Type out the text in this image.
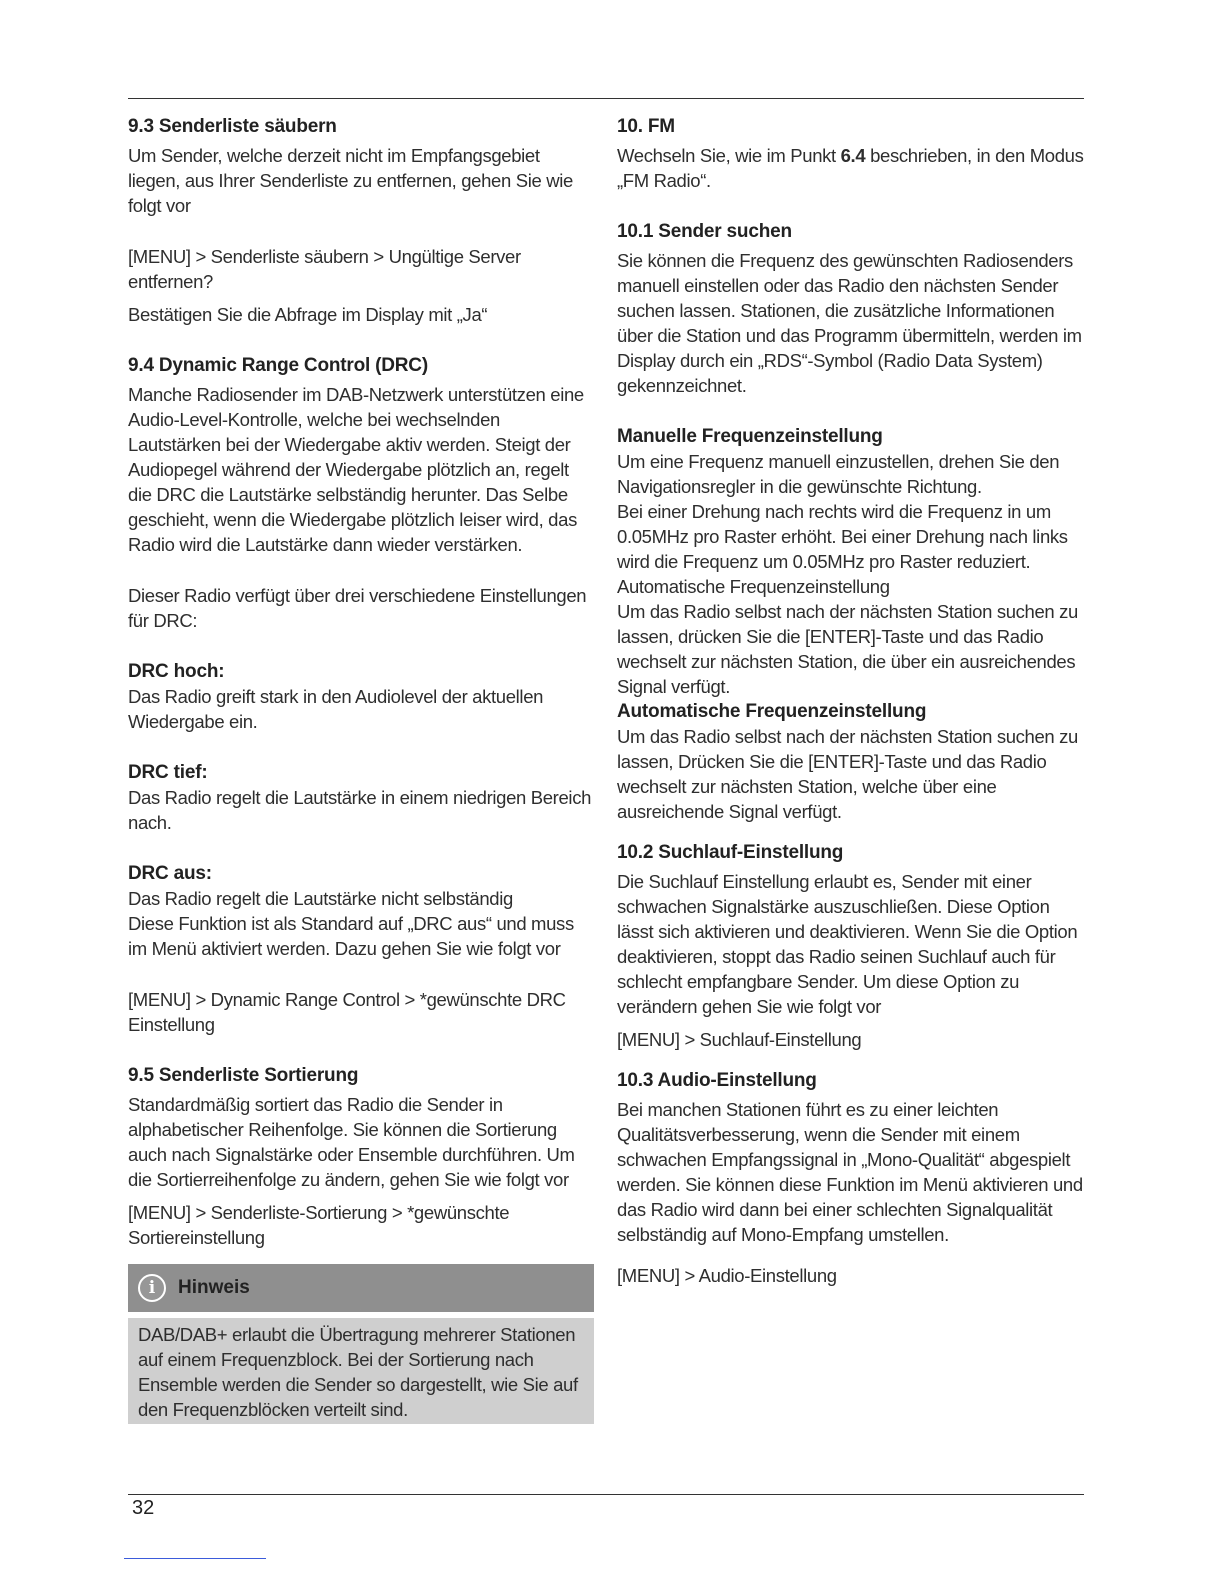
9.3 Senderliste säubern

Um Sender, welche derzeit nicht im Empfangsgebiet liegen, aus Ihrer Senderliste zu entfernen, gehen Sie wie folgt vor

[MENU] > Senderliste säubern > Ungültige Server entfernen?

Bestätigen Sie die Abfrage im Display mit „Ja“

9.4 Dynamic Range Control (DRC)

Manche Radiosender im DAB-Netzwerk unterstützen eine Audio-Level-Kontrolle, welche bei wechselnden Lautstärken bei der Wiedergabe aktiv werden. Steigt der Audiopegel während der Wiedergabe plötzlich an, regelt die DRC die Lautstärke selbständig herunter. Das Selbe geschieht, wenn die Wiedergabe plötzlich leiser wird, das Radio wird die Lautstärke dann wieder verstärken.

Dieser Radio verfügt über drei verschiedene Einstellungen für DRC:

DRC hoch:

Das Radio greift stark in den Audiolevel der aktuellen Wiedergabe ein.

DRC tief:

Das Radio regelt die Lautstärke in einem niedrigen Bereich nach.

DRC aus:

Das Radio regelt die Lautstärke nicht selbständig

Diese Funktion ist als Standard auf „DRC aus“ und muss im Menü aktiviert werden. Dazu gehen Sie wie folgt vor

[MENU] > Dynamic Range Control > *gewünschte DRC Einstellung

9.5 Senderliste Sortierung

Standardmäßig sortiert das Radio die Sender in alphabetischer Reihenfolge. Sie können die Sortierung auch nach Signalstärke oder Ensemble durchführen. Um die Sortierreihenfolge zu ändern, gehen Sie wie folgt vor

[MENU] > Senderliste-Sortierung > *gewünschte Sortiereinstellung

i	Hinweis

DAB/DAB+ erlaubt die Übertragung mehrerer Stationen auf einem Frequenzblock. Bei der Sortierung nach Ensemble werden die Sender so dargestellt, wie Sie auf den Frequenzblöcken verteilt sind.

10. FM

Wechseln Sie, wie im Punkt 6.4 beschrieben, in den Modus „FM Radio“.

10.1 Sender suchen

Sie können die Frequenz des gewünschten Radiosenders manuell einstellen oder das Radio den nächsten Sender suchen lassen. Stationen, die zusätzliche Informationen über die Station und das Programm übermitteln, werden im Display durch ein „RDS“-Symbol (Radio Data System) gekennzeichnet.

Manuelle Frequenzeinstellung

Um eine Frequenz manuell einzustellen, drehen Sie den Navigationsregler in die gewünschte Richtung.

Bei einer Drehung nach rechts wird die Frequenz in um 0.05MHz pro Raster erhöht. Bei einer Drehung nach links wird die Frequenz um 0.05MHz pro Raster reduziert.

Automatische Frequenzeinstellung

Um das Radio selbst nach der nächsten Station suchen zu lassen, drücken Sie die [ENTER]-Taste und das Radio wechselt zur nächsten Station, die über ein ausreichendes Signal verfügt.

Automatische Frequenzeinstellung

Um das Radio selbst nach der nächsten Station suchen zu lassen, Drücken Sie die [ENTER]-Taste und das Radio wechselt zur nächsten Station, welche über eine ausreichende Signal verfügt.

10.2 Suchlauf-Einstellung

Die Suchlauf Einstellung erlaubt es, Sender mit einer schwachen Signalstärke auszuschließen. Diese Option lässt sich aktivieren und deaktivieren. Wenn Sie die Option deaktivieren, stoppt das Radio seinen Suchlauf auch für schlecht empfangbare Sender. Um diese Option zu verändern gehen Sie wie folgt vor

[MENU] > Suchlauf-Einstellung

10.3 Audio-Einstellung

Bei manchen Stationen führt es zu einer leichten Qualitätsverbesserung, wenn die Sender mit einem schwachen Empfangssignal in „Mono-Qualität“ abgespielt werden. Sie können diese Funktion im Menü aktivieren und das Radio wird dann bei einer schlechten Signalqualität selbständig auf Mono-Empfang umstellen.

[MENU] > Audio-Einstellung

32
